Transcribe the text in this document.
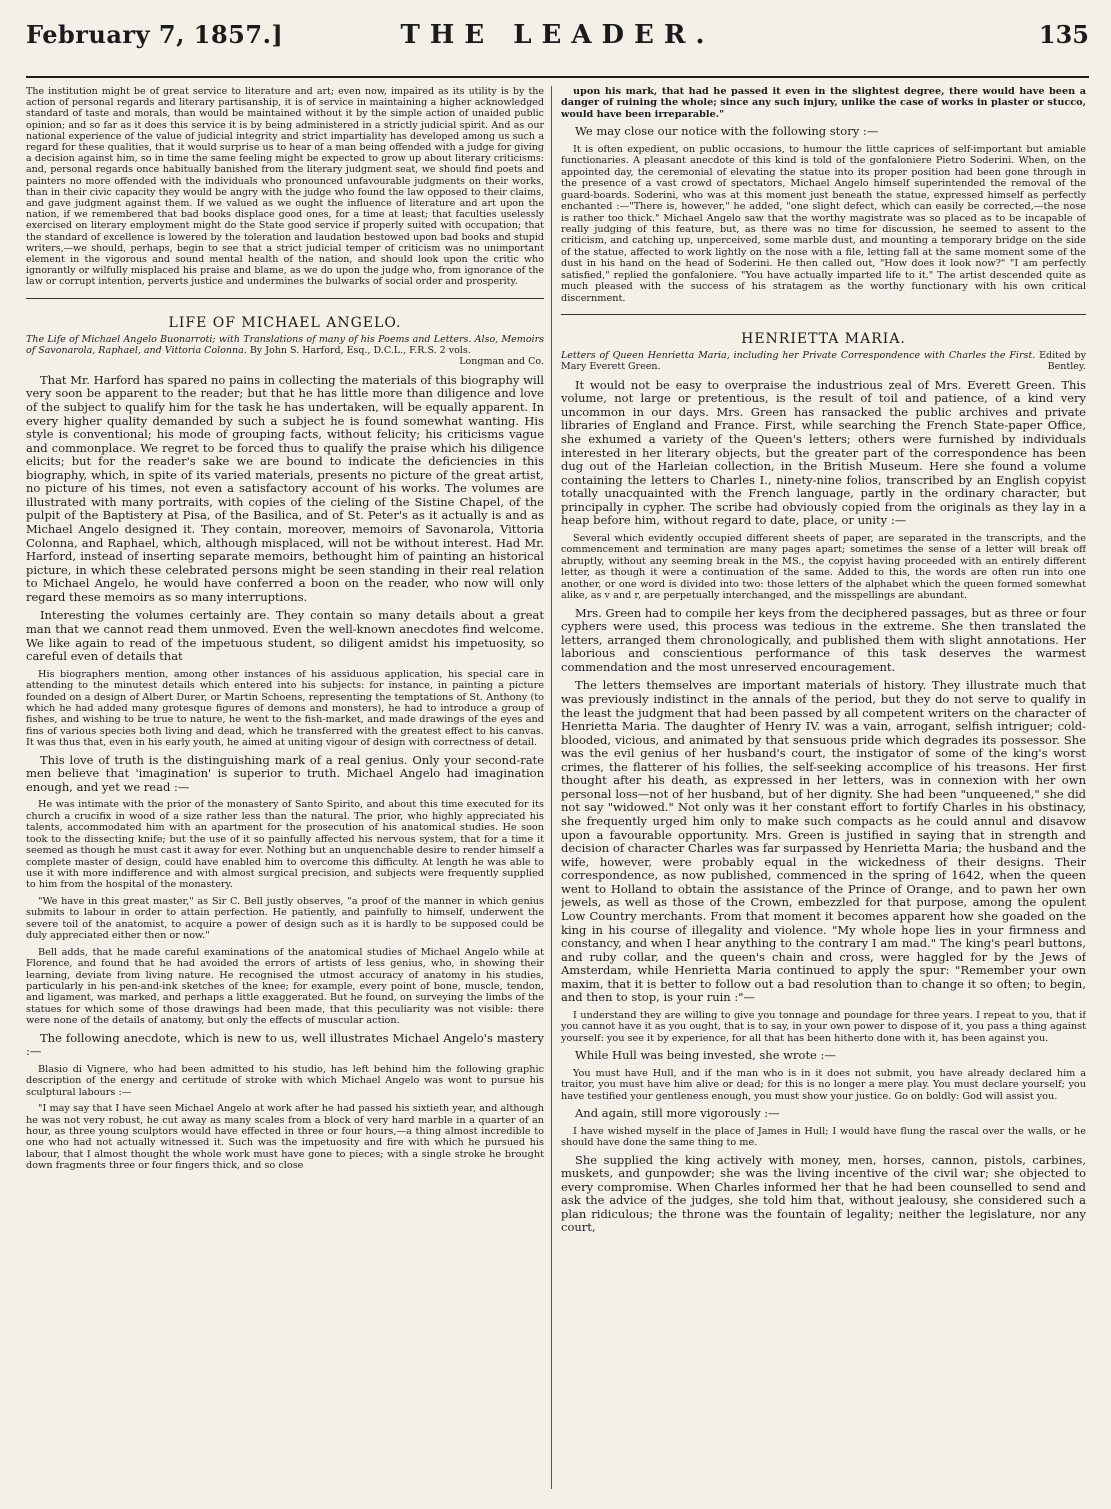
February 7, 1857.]	THE LEADER.	135

The institution might be of great service to literature and art; even now, impaired as its utility is by the action of personal regards and literary partisanship, it is of service in maintaining a higher acknowledged standard of taste and morals, than would be maintained without it by the simple action of unaided public opinion; and so far as it does this service it is by being administered in a strictly judicial spirit. And as our national experience of the value of judicial integrity and strict impartiality has developed among us such a regard for these qualities, that it would surprise us to hear of a man being offended with a judge for giving a decision against him, so in time the same feeling might be expected to grow up about literary criticisms: and, personal regards once habitually banished from the literary judgment seat, we should find poets and painters no more offended with the individuals who pronounced unfavourable judgments on their works, than in their civic capacity they would be angry with the judge who found the law opposed to their claims, and gave judgment against them. If we valued as we ought the influence of literature and art upon the nation, if we remembered that bad books displace good ones, for a time at least; that faculties uselessly exercised on literary employment might do the State good service if properly suited with occupation; that the standard of excellence is lowered by the toleration and laudation bestowed upon bad books and stupid writers,—we should, perhaps, begin to see that a strict judicial temper of criticism was no unimportant element in the vigorous and sound mental health of the nation, and should look upon the critic who ignorantly or wilfully misplaced his praise and blame, as we do upon the judge who, from ignorance of the law or corrupt intention, perverts justice and undermines the bulwarks of social order and prosperity.

LIFE OF MICHAEL ANGELO.
The Life of Michael Angelo Buonarroti; with Translations of many of his Poems and Letters. Also, Memoirs of Savonarola, Raphael, and Vittoria Colonna. By John S. Harford, Esq., D.C.L., F.R.S. 2 vols.
Longman and Co.

That Mr. Harford has spared no pains in collecting the materials of this biography will very soon be apparent to the reader; but that he has little more than diligence and love of the subject to qualify him for the task he has undertaken, will be equally apparent. In every higher quality demanded by such a subject he is found somewhat wanting. His style is conventional; his mode of grouping facts, without felicity; his criticisms vague and commonplace. We regret to be forced thus to qualify the praise which his diligence elicits; but for the reader's sake we are bound to indicate the deficiencies in this biography, which, in spite of its varied materials, presents no picture of the great artist, no picture of his times, not even a satisfactory account of his works. The volumes are illustrated with many portraits, with copies of the cieling of the Sistine Chapel, of the pulpit of the Baptistery at Pisa, of the Basilica, and of St. Peter's as it actually is and as Michael Angelo designed it. They contain, moreover, memoirs of Savonarola, Vittoria Colonna, and Raphael, which, although misplaced, will not be without interest. Had Mr. Harford, instead of inserting separate memoirs, bethought him of painting an historical picture, in which these celebrated persons might be seen standing in their real relation to Michael Angelo, he would have conferred a boon on the reader, who now will only regard these memoirs as so many interruptions.

Interesting the volumes certainly are. They contain so many details about a great man that we cannot read them unmoved. Even the well-known anecdotes find welcome. We like again to read of the impetuous student, so diligent amidst his impetuosity, so careful even of details that

His biographers mention, among other instances of his assiduous application, his special care in attending to the minutest details which entered into his subjects: for instance, in painting a picture founded on a design of Albert Durer, or Martin Schoens, representing the temptations of St. Anthony (to which he had added many grotesque figures of demons and monsters), he had to introduce a group of fishes, and wishing to be true to nature, he went to the fish-market, and made drawings of the eyes and fins of various species both living and dead, which he transferred with the greatest effect to his canvas. It was thus that, even in his early youth, he aimed at uniting vigour of design with correctness of detail.

This love of truth is the distinguishing mark of a real genius. Only your second-rate men believe that 'imagination' is superior to truth. Michael Angelo had imagination enough, and yet we read :—

He was intimate with the prior of the monastery of Santo Spirito, and about this time executed for its church a crucifix in wood of a size rather less than the natural. The prior, who highly appreciated his talents, accommodated him with an apartment for the prosecution of his anatomical studies. He soon took to the dissecting knife; but the use of it so painfully affected his nervous system, that for a time it seemed as though he must cast it away for ever. Nothing but an unquenchable desire to render himself a complete master of design, could have enabled him to overcome this difficulty. At length he was able to use it with more indifference and with almost surgical precision, and subjects were frequently supplied to him from the hospital of the monastery.

"We have in this great master," as Sir C. Bell justly observes, "a proof of the manner in which genius submits to labour in order to attain perfection. He patiently, and painfully to himself, underwent the severe toil of the anatomist, to acquire a power of design such as it is hardly to be supposed could be duly appreciated either then or now."

Bell adds, that he made careful examinations of the anatomical studies of Michael Angelo while at Florence, and found that he had avoided the errors of artists of less genius, who, in showing their learning, deviate from living nature. He recognised the utmost accuracy of anatomy in his studies, particularly in his pen-and-ink sketches of the knee; for example, every point of bone, muscle, tendon, and ligament, was marked, and perhaps a little exaggerated. But he found, on surveying the limbs of the statues for which some of those drawings had been made, that this peculiarity was not visible: there were none of the details of anatomy, but only the effects of muscular action.

The following anecdote, which is new to us, well illustrates Michael Angelo's mastery :—

Blasio di Vignere, who had been admitted to his studio, has left behind him the following graphic description of the energy and certitude of stroke with which Michael Angelo was wont to pursue his sculptural labours :—

"I may say that I have seen Michael Angelo at work after he had passed his sixtieth year, and although he was not very robust, he cut away as many scales from a block of very hard marble in a quarter of an hour, as three young sculptors would have effected in three or four hours,—a thing almost incredible to one who had not actually witnessed it. Such was the impetuosity and fire with which he pursued his labour, that I almost thought the whole work must have gone to pieces; with a single stroke he brought down fragments three or four fingers thick, and so close

upon his mark, that had he passed it even in the slightest degree, there would have been a danger of ruining the whole; since any such injury, unlike the case of works in plaster or stucco, would have been irreparable."

We may close our notice with the following story :—

It is often expedient, on public occasions, to humour the little caprices of self-important but amiable functionaries. A pleasant anecdote of this kind is told of the gonfaloniere Pietro Soderini. When, on the appointed day, the ceremonial of elevating the statue into its proper position had been gone through in the presence of a vast crowd of spectators, Michael Angelo himself superintended the removal of the guard-boards. Soderini, who was at this moment just beneath the statue, expressed himself as perfectly enchanted :—"There is, however," he added, "one slight defect, which can easily be corrected,—the nose is rather too thick." Michael Angelo saw that the worthy magistrate was so placed as to be incapable of really judging of this feature, but, as there was no time for discussion, he seemed to assent to the criticism, and catching up, unperceived, some marble dust, and mounting a temporary bridge on the side of the statue, affected to work lightly on the nose with a file, letting fall at the same moment some of the dust in his hand on the head of Soderini. He then called out, "How does it look now?" "I am perfectly satisfied," replied the gonfaloniere. "You have actually imparted life to it." The artist descended quite as much pleased with the success of his stratagem as the worthy functionary with his own critical discernment.

HENRIETTA MARIA.
Letters of Queen Henrietta Maria, including her Private Correspondence with Charles the First. Edited by Mary Everett Green.	Bentley.

It would not be easy to overpraise the industrious zeal of Mrs. Everett Green. This volume, not large or pretentious, is the result of toil and patience, of a kind very uncommon in our days. Mrs. Green has ransacked the public archives and private libraries of England and France. First, while searching the French State-paper Office, she exhumed a variety of the Queen's letters; others were furnished by individuals interested in her literary objects, but the greater part of the correspondence has been dug out of the Harleian collection, in the British Museum. Here she found a volume containing the letters to Charles I., ninety-nine folios, transcribed by an English copyist totally unacquainted with the French language, partly in the ordinary character, but principally in cypher. The scribe had obviously copied from the originals as they lay in a heap before him, without regard to date, place, or unity :—

Several which evidently occupied different sheets of paper, are separated in the transcripts, and the commencement and termination are many pages apart; sometimes the sense of a letter will break off abruptly, without any seeming break in the MS., the copyist having proceeded with an entirely different letter, as though it were a continuation of the same. Added to this, the words are often run into one another, or one word is divided into two: those letters of the alphabet which the queen formed somewhat alike, as v and r, are perpetually interchanged, and the misspellings are abundant.

Mrs. Green had to compile her keys from the deciphered passages, but as three or four cyphers were used, this process was tedious in the extreme. She then translated the letters, arranged them chronologically, and published them with slight annotations. Her laborious and conscientious performance of this task deserves the warmest commendation and the most unreserved encouragement.

The letters themselves are important materials of history. They illustrate much that was previously indistinct in the annals of the period, but they do not serve to qualify in the least the judgment that had been passed by all competent writers on the character of Henrietta Maria. The daughter of Henry IV. was a vain, arrogant, selfish intriguer; cold-blooded, vicious, and animated by that sensuous pride which degrades its possessor. She was the evil genius of her husband's court, the instigator of some of the king's worst crimes, the flatterer of his follies, the self-seeking accomplice of his treasons. Her first thought after his death, as expressed in her letters, was in connexion with her own personal loss—not of her husband, but of her dignity. She had been "unqueened," she did not say "widowed." Not only was it her constant effort to fortify Charles in his obstinacy, she frequently urged him only to make such compacts as he could annul and disavow upon a favourable opportunity. Mrs. Green is justified in saying that in strength and decision of character Charles was far surpassed by Henrietta Maria; the husband and the wife, however, were probably equal in the wickedness of their designs. Their correspondence, as now published, commenced in the spring of 1642, when the queen went to Holland to obtain the assistance of the Prince of Orange, and to pawn her own jewels, as well as those of the Crown, embezzled for that purpose, among the opulent Low Country merchants. From that moment it becomes apparent how she goaded on the king in his course of illegality and violence. "My whole hope lies in your firmness and constancy, and when I hear anything to the contrary I am mad." The king's pearl buttons, and ruby collar, and the queen's chain and cross, were haggled for by the Jews of Amsterdam, while Henrietta Maria continued to apply the spur: "Remember your own maxim, that it is better to follow out a bad resolution than to change it so often; to begin, and then to stop, is your ruin :"—

I understand they are willing to give you tonnage and poundage for three years. I repeat to you, that if you cannot have it as you ought, that is to say, in your own power to dispose of it, you pass a thing against yourself: you see it by experience, for all that has been hitherto done with it, has been against you.

While Hull was being invested, she wrote :—

You must have Hull, and if the man who is in it does not submit, you have already declared him a traitor, you must have him alive or dead; for this is no longer a mere play. You must declare yourself; you have testified your gentleness enough, you must show your justice. Go on boldly: God will assist you.

And again, still more vigorously :—

I have wished myself in the place of James in Hull; I would have flung the rascal over the walls, or he should have done the same thing to me.

She supplied the king actively with money, men, horses, cannon, pistols, carbines, muskets, and gunpowder; she was the living incentive of the civil war; she objected to every compromise. When Charles informed her that he had been counselled to send and ask the advice of the judges, she told him that, without jealousy, she considered such a plan ridiculous; the throne was the fountain of legality; neither the legislature, nor any court,
